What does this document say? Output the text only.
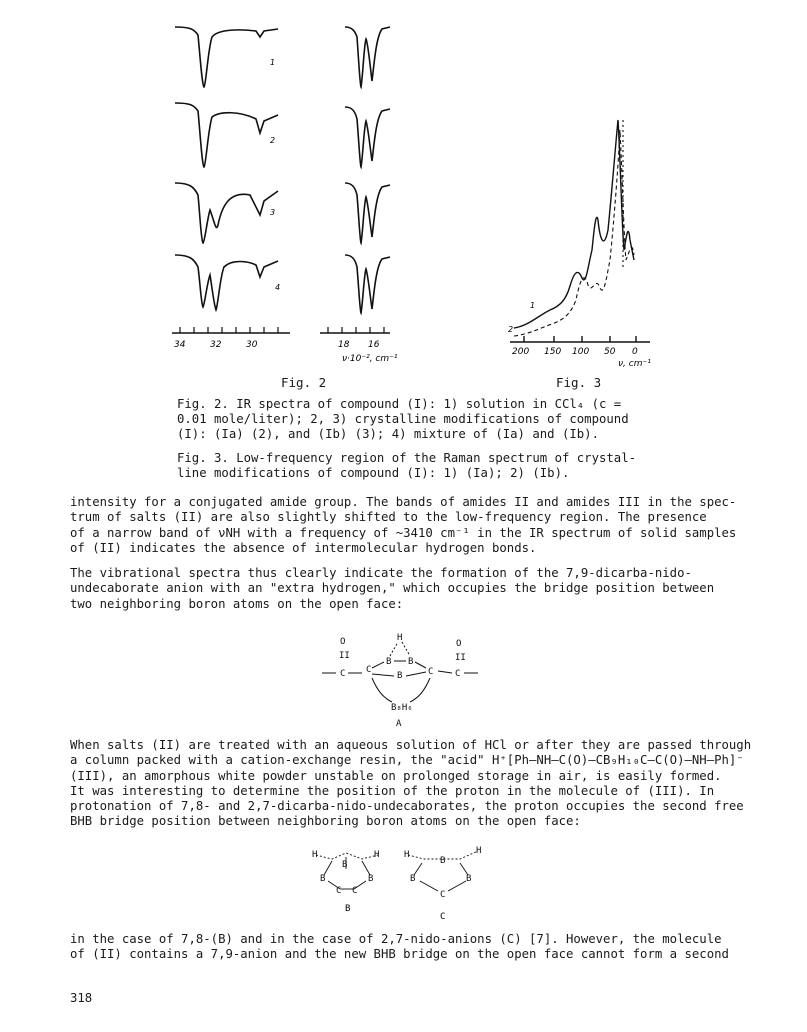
1
2
3
4
34	32	30	18 16
ν·10⁻², cm⁻¹
Fig. 2
1
2
200 150 100 50 0
ν, cm⁻¹
Fig. 3
Fig. 2. IR spectra of compound (I): 1) solution in CCl₄ (c =
0.01 mole/liter); 2, 3) crystalline modifications of compound
(I): (Ia) (2), and (Ib) (3); 4) mixture of (Ia) and (Ib).
Fig. 3. Low-frequency region of the Raman spectrum of crystal-
line modifications of compound (I): 1) (Ia); 2) (Ib).
intensity for a conjugated amide group. The bands of amides II and amides III in the spec-
trum of salts (II) are also slightly shifted to the low-frequency region. The presence
of a narrow band of νNH with a frequency of ~3410 cm⁻¹ in the IR spectrum of solid samples
of (II) indicates the absence of intermolecular hydrogen bonds.
The vibrational spectra thus clearly indicate the formation of the 7,9-dicarba-nido-
undecaborate anion with an "extra hydrogen," which occupies the bridge position between
two neighboring boron atoms on the open face:
O
II
O
II
H
B B
B
C C	C C
B₈H₆
A
When salts (II) are treated with an aqueous solution of HCl or after they are passed through
a column packed with a cation-exchange resin, the "acid" H⁺[Ph—NH—C(O)—CB₉H₁₀C—C(O)—NH—Ph]⁻
(III), an amorphous white powder unstable on prolonged storage in air, is easily formed.
It was interesting to determine the position of the proton in the molecule of (III). In
protonation of 7,8- and 2,7-dicarba-nido-undecaborates, the proton occupies the second free
BHB bridge position between neighboring boron atoms on the open face:
H	H
B
B	B
C C
B
H	H
B
B	B
C
C
in the case of 7,8-(B) and in the case of 2,7-nido-anions (C) [7]. However, the molecule
of (II) contains a 7,9-anion and the new BHB bridge on the open face cannot form a second
318
